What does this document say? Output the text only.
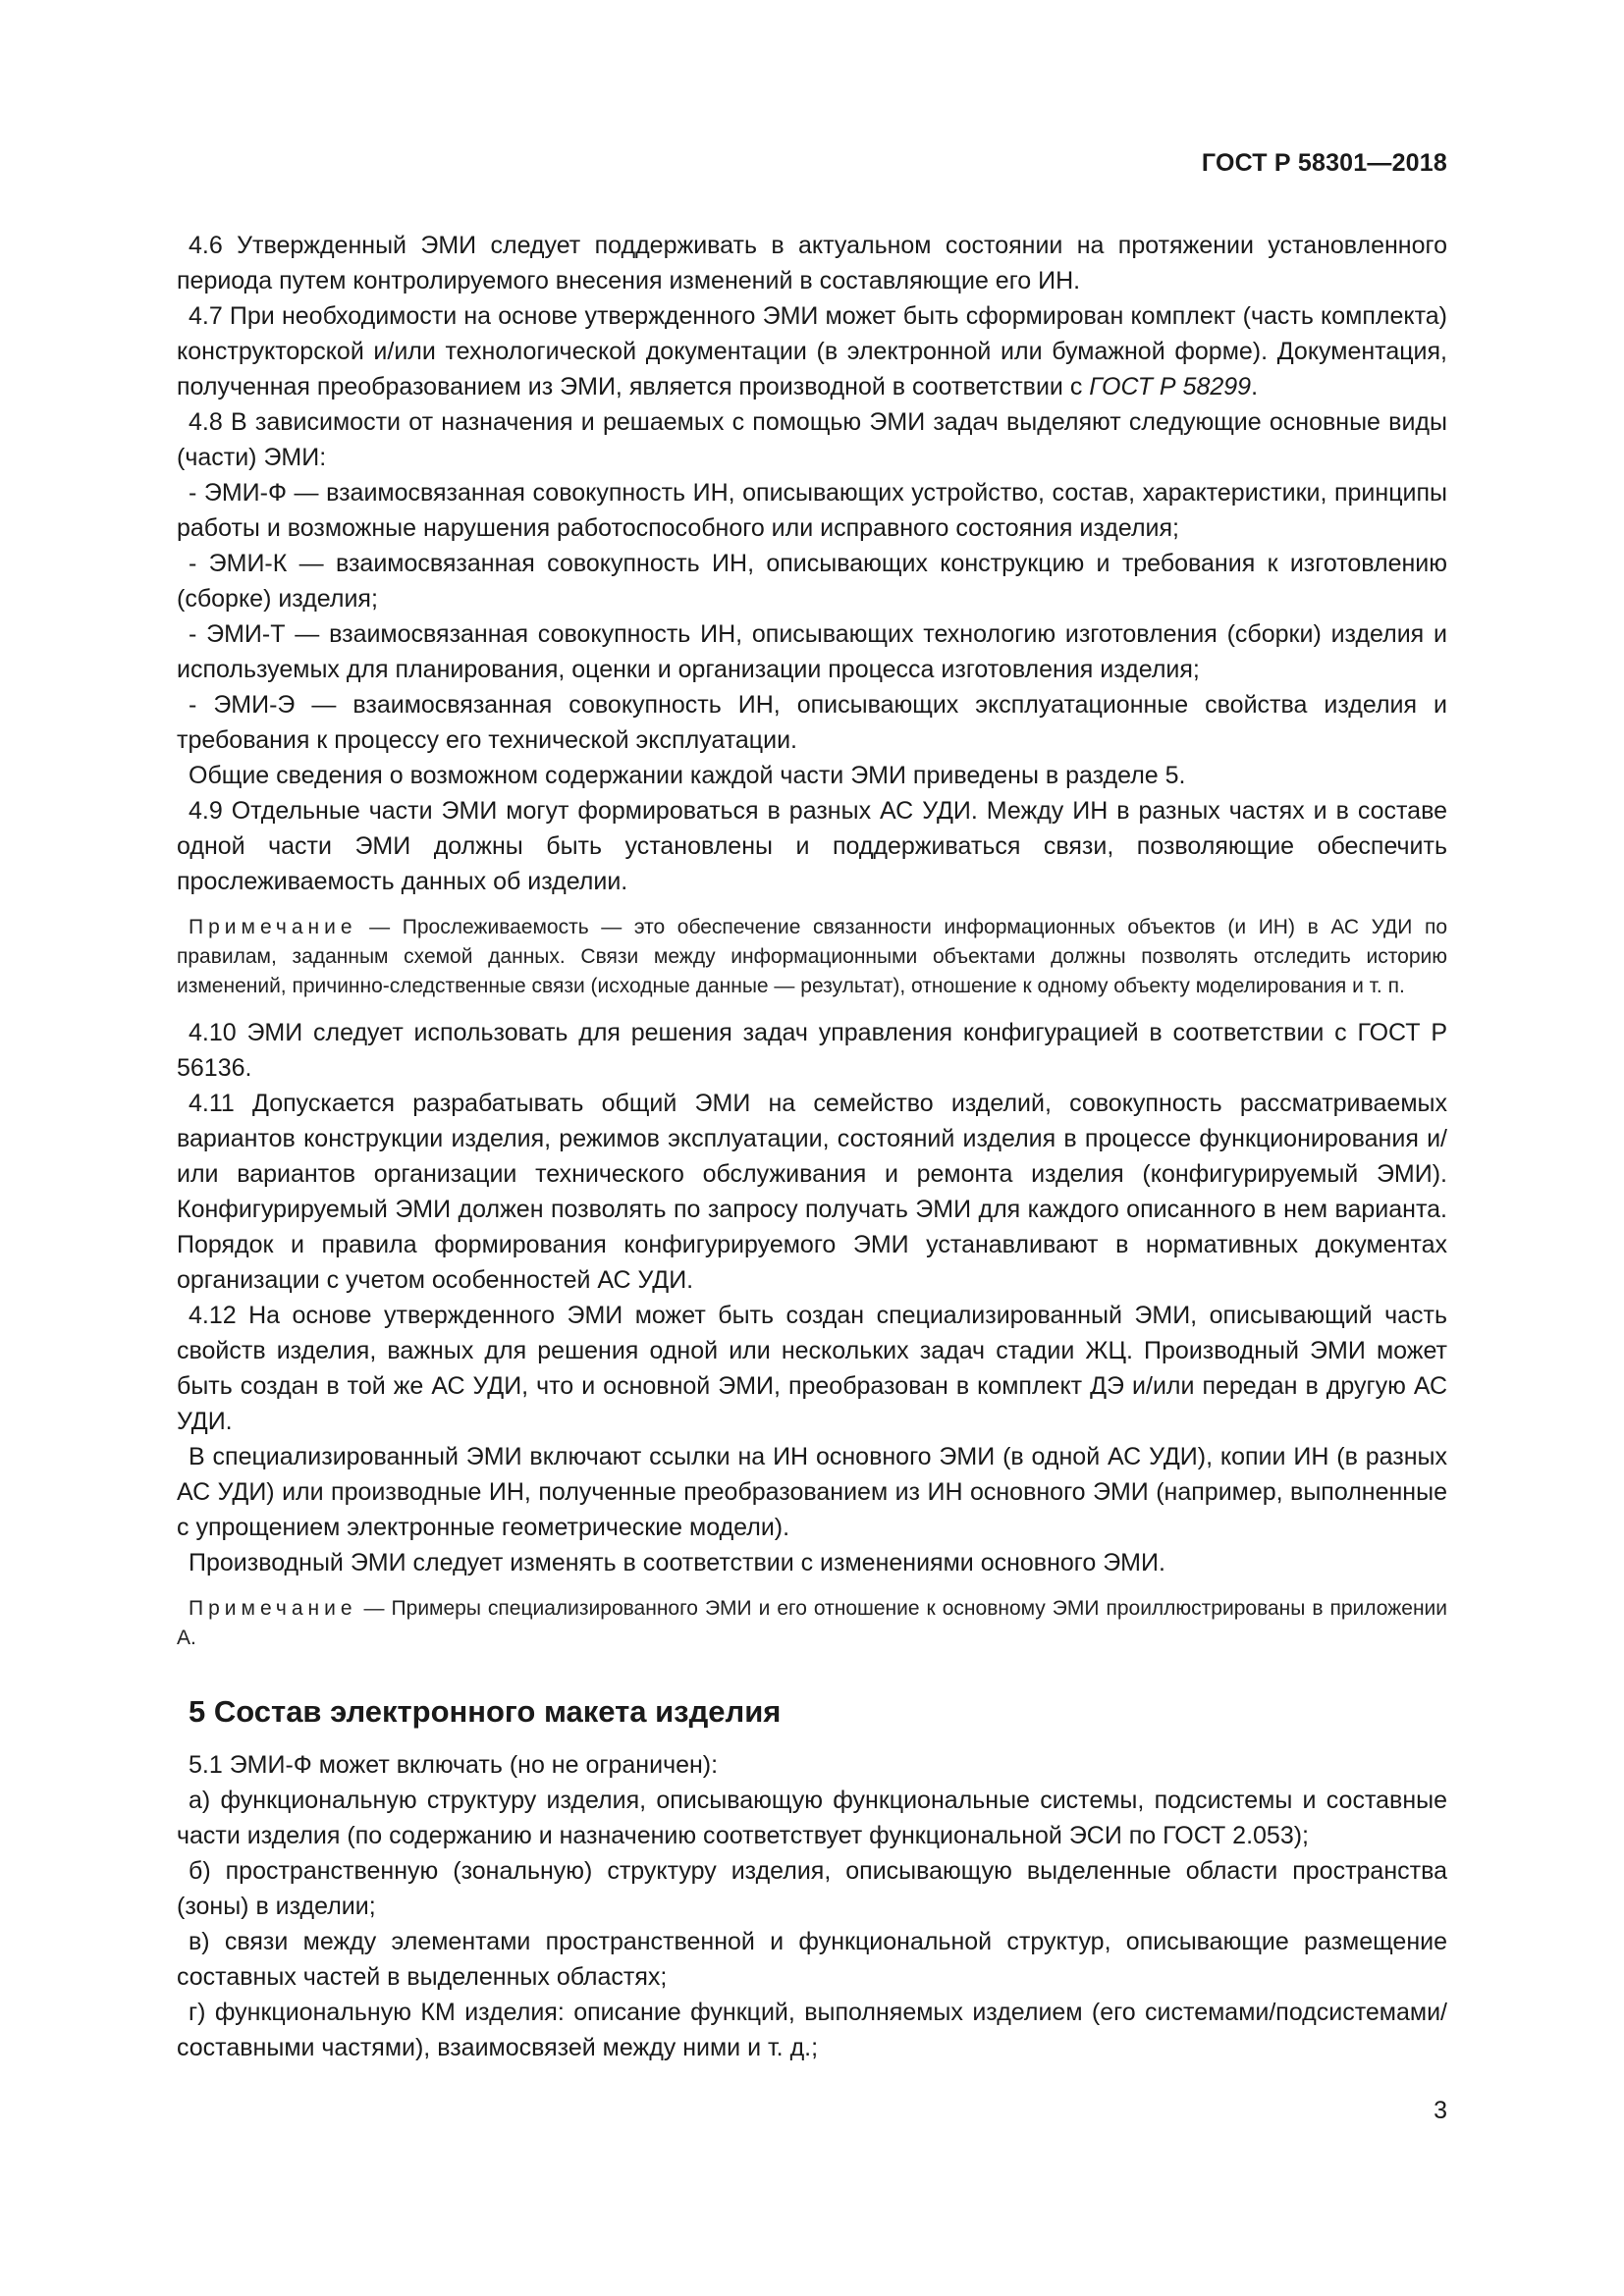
ГОСТ Р 58301—2018

4.6 Утвержденный ЭМИ следует поддерживать в актуальном состоянии на протяжении установленного периода путем контролируемого внесения изменений в составляющие его ИН.

4.7 При необходимости на основе утвержденного ЭМИ может быть сформирован комплект (часть комплекта) конструкторской и/или технологической документации (в электронной или бумажной форме). Документация, полученная преобразованием из ЭМИ, является производной в соответствии с ГОСТ Р 58299.

4.8 В зависимости от назначения и решаемых с помощью ЭМИ задач выделяют следующие основные виды (части) ЭМИ:

- ЭМИ-Ф — взаимосвязанная совокупность ИН, описывающих устройство, состав, характеристики, принципы работы и возможные нарушения работоспособного или исправного состояния изделия;

- ЭМИ-К — взаимосвязанная совокупность ИН, описывающих конструкцию и требования к изготовлению (сборке) изделия;

- ЭМИ-Т — взаимосвязанная совокупность ИН, описывающих технологию изготовления (сборки) изделия и используемых для планирования, оценки и организации процесса изготовления изделия;

- ЭМИ-Э — взаимосвязанная совокупность ИН, описывающих эксплуатационные свойства изделия и требования к процессу его технической эксплуатации.

Общие сведения о возможном содержании каждой части ЭМИ приведены в разделе 5.

4.9 Отдельные части ЭМИ могут формироваться в разных АС УДИ. Между ИН в разных частях и в составе одной части ЭМИ должны быть установлены и поддерживаться связи, позволяющие обеспечить прослеживаемость данных об изделии.

Примечание — Прослеживаемость — это обеспечение связанности информационных объектов (и ИН) в АС УДИ по правилам, заданным схемой данных. Связи между информационными объектами должны позволять отследить историю изменений, причинно-следственные связи (исходные данные — результат), отношение к одному объекту моделирования и т. п.

4.10 ЭМИ следует использовать для решения задач управления конфигурацией в соответствии с ГОСТ Р 56136.

4.11 Допускается разрабатывать общий ЭМИ на семейство изделий, совокупность рассматриваемых вариантов конструкции изделия, режимов эксплуатации, состояний изделия в процессе функционирования и/или вариантов организации технического обслуживания и ремонта изделия (конфигурируемый ЭМИ). Конфигурируемый ЭМИ должен позволять по запросу получать ЭМИ для каждого описанного в нем варианта. Порядок и правила формирования конфигурируемого ЭМИ устанавливают в нормативных документах организации с учетом особенностей АС УДИ.

4.12 На основе утвержденного ЭМИ может быть создан специализированный ЭМИ, описывающий часть свойств изделия, важных для решения одной или нескольких задач стадии ЖЦ. Производный ЭМИ может быть создан в той же АС УДИ, что и основной ЭМИ, преобразован в комплект ДЭ и/или передан в другую АС УДИ.

В специализированный ЭМИ включают ссылки на ИН основного ЭМИ (в одной АС УДИ), копии ИН (в разных АС УДИ) или производные ИН, полученные преобразованием из ИН основного ЭМИ (например, выполненные с упрощением электронные геометрические модели).

Производный ЭМИ следует изменять в соответствии с изменениями основного ЭМИ.

Примечание — Примеры специализированного ЭМИ и его отношение к основному ЭМИ проиллюстрированы в приложении А.

5 Состав электронного макета изделия

5.1 ЭМИ-Ф может включать (но не ограничен):

а) функциональную структуру изделия, описывающую функциональные системы, подсистемы и составные части изделия (по содержанию и назначению соответствует функциональной ЭСИ по ГОСТ 2.053);

б) пространственную (зональную) структуру изделия, описывающую выделенные области пространства (зоны) в изделии;

в) связи между элементами пространственной и функциональной структур, описывающие размещение составных частей в выделенных областях;

г) функциональную КМ изделия: описание функций, выполняемых изделием (его системами/подсистемами/составными частями), взаимосвязей между ними и т. д.;

3
